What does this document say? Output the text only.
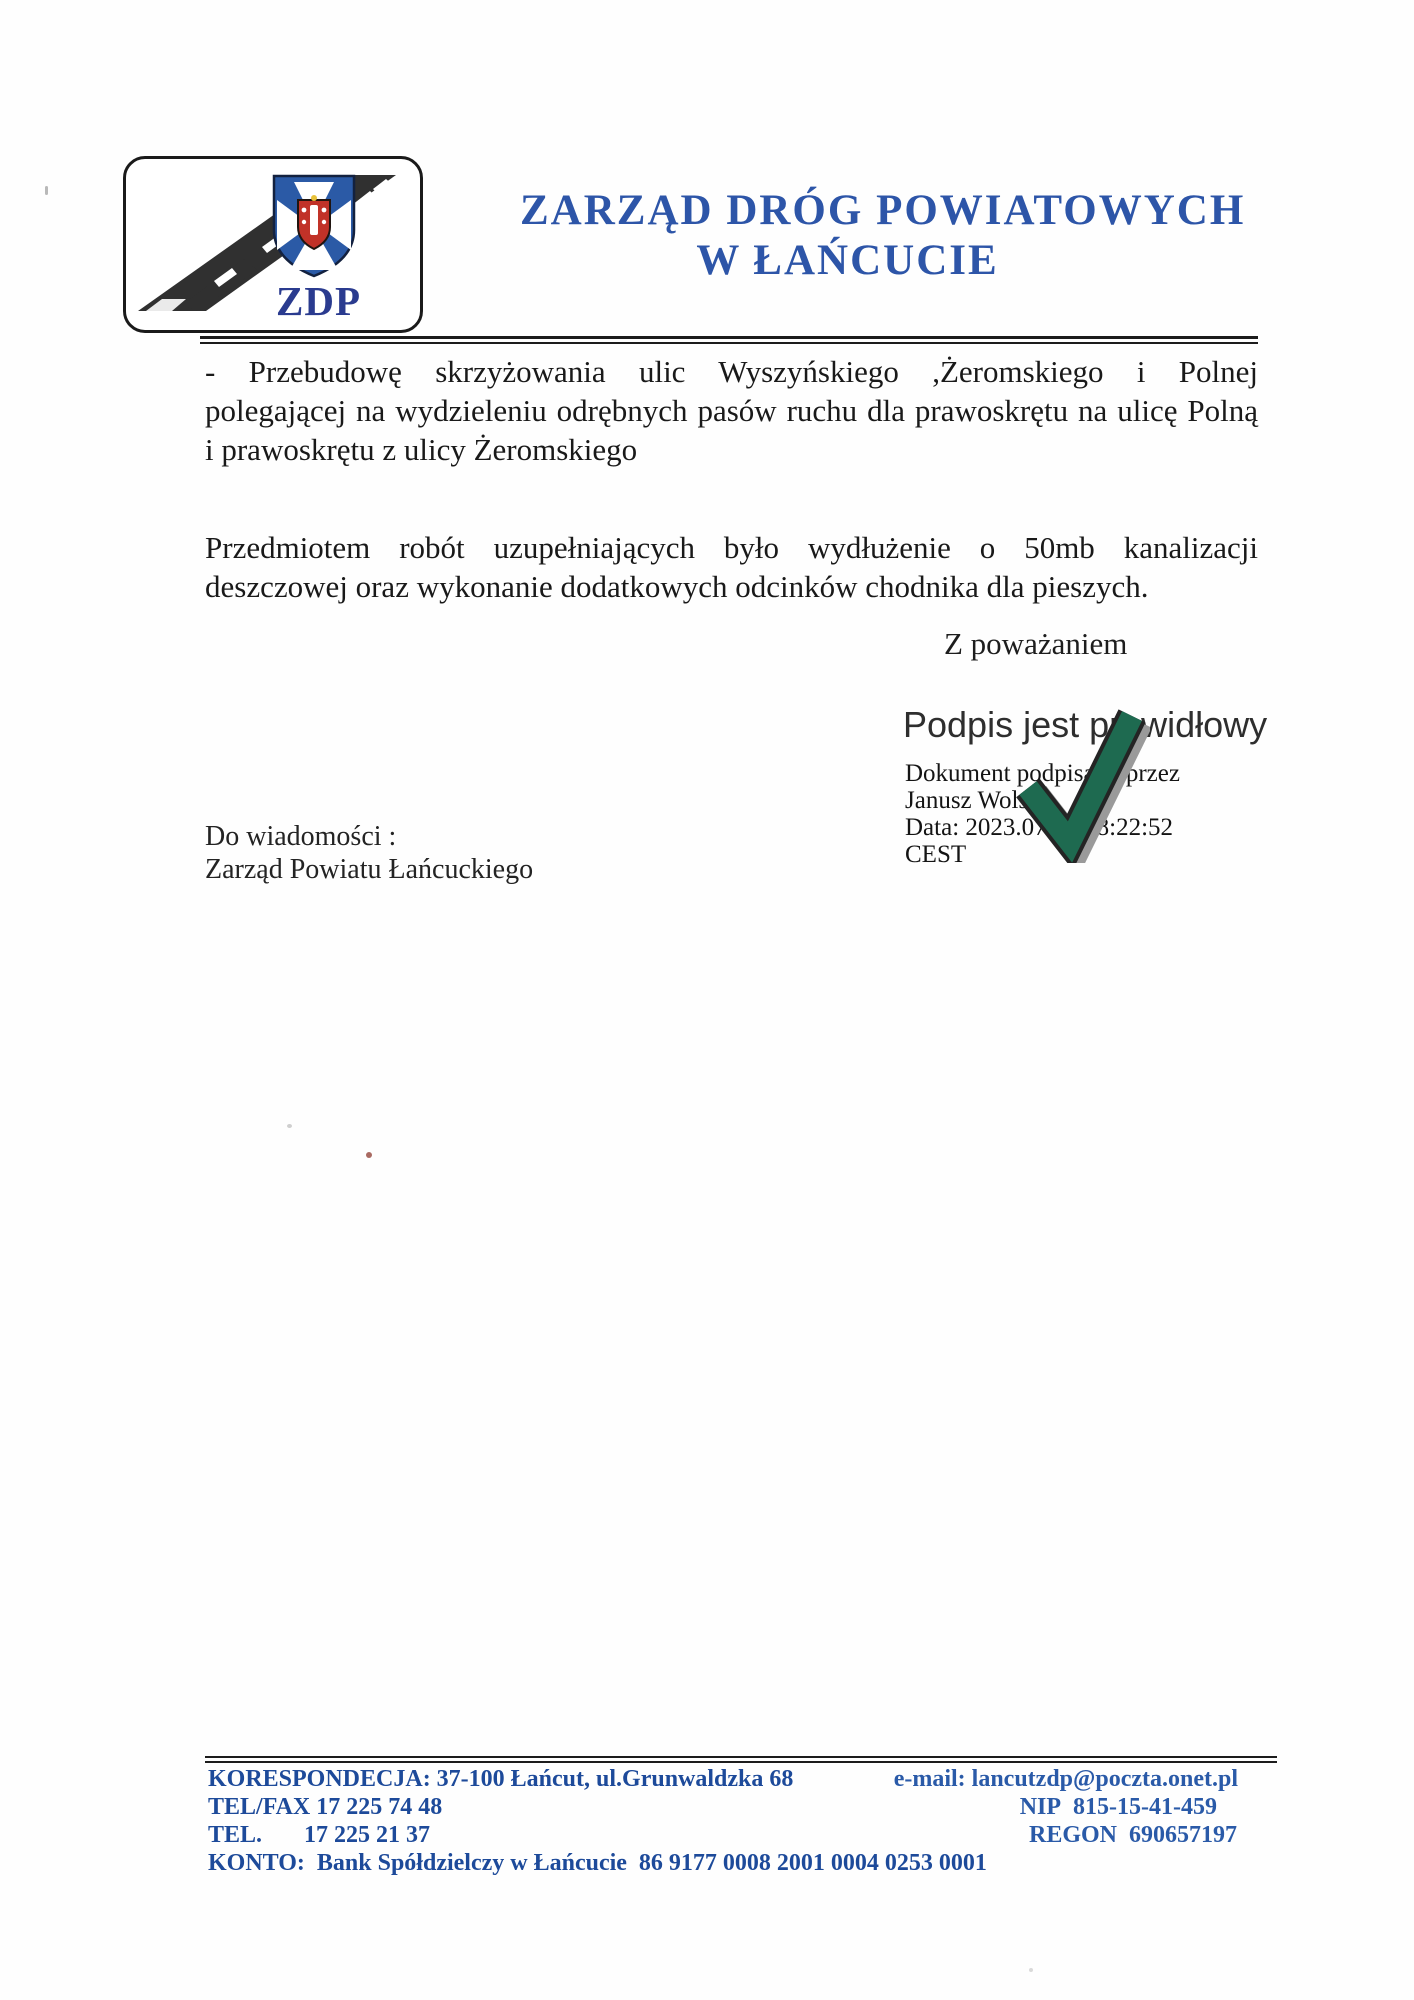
ZDP
ZARZĄD DRÓG POWIATOWYCH
W ŁAŃCUCIE
- Przebudowę skrzyżowania ulic Wyszyńskiego ,Żeromskiego i Polnej
polegającej na wydzieleniu odrębnych pasów ruchu dla prawoskrętu na ulicę Polną
i prawoskrętu z ulicy Żeromskiego
Przedmiotem robót uzupełniających było wydłużenie o 50mb kanalizacji
deszczowej oraz wykonanie dodatkowych odcinków chodnika dla pieszych.
Z poważaniem
Podpis jest prawidłowy
Dokument podpisany przez
Janusz Wolski
Data: 2023.07.25 08:22:52
CEST
Do wiadomości :
Zarząd Powiatu Łańcuckiego
KORESPONDECJA: 37-100 Łańcut, ul.Grunwaldzka 68
TEL/FAX 17 225 74 48
TEL.       17 225 21 37
KONTO:  Bank Spółdzielczy w Łańcucie  86 9177 0008 2001 0004 0253 0001
e-mail: lancutzdp@poczta.onet.pl
NIP  815-15-41-459
REGON  690657197
